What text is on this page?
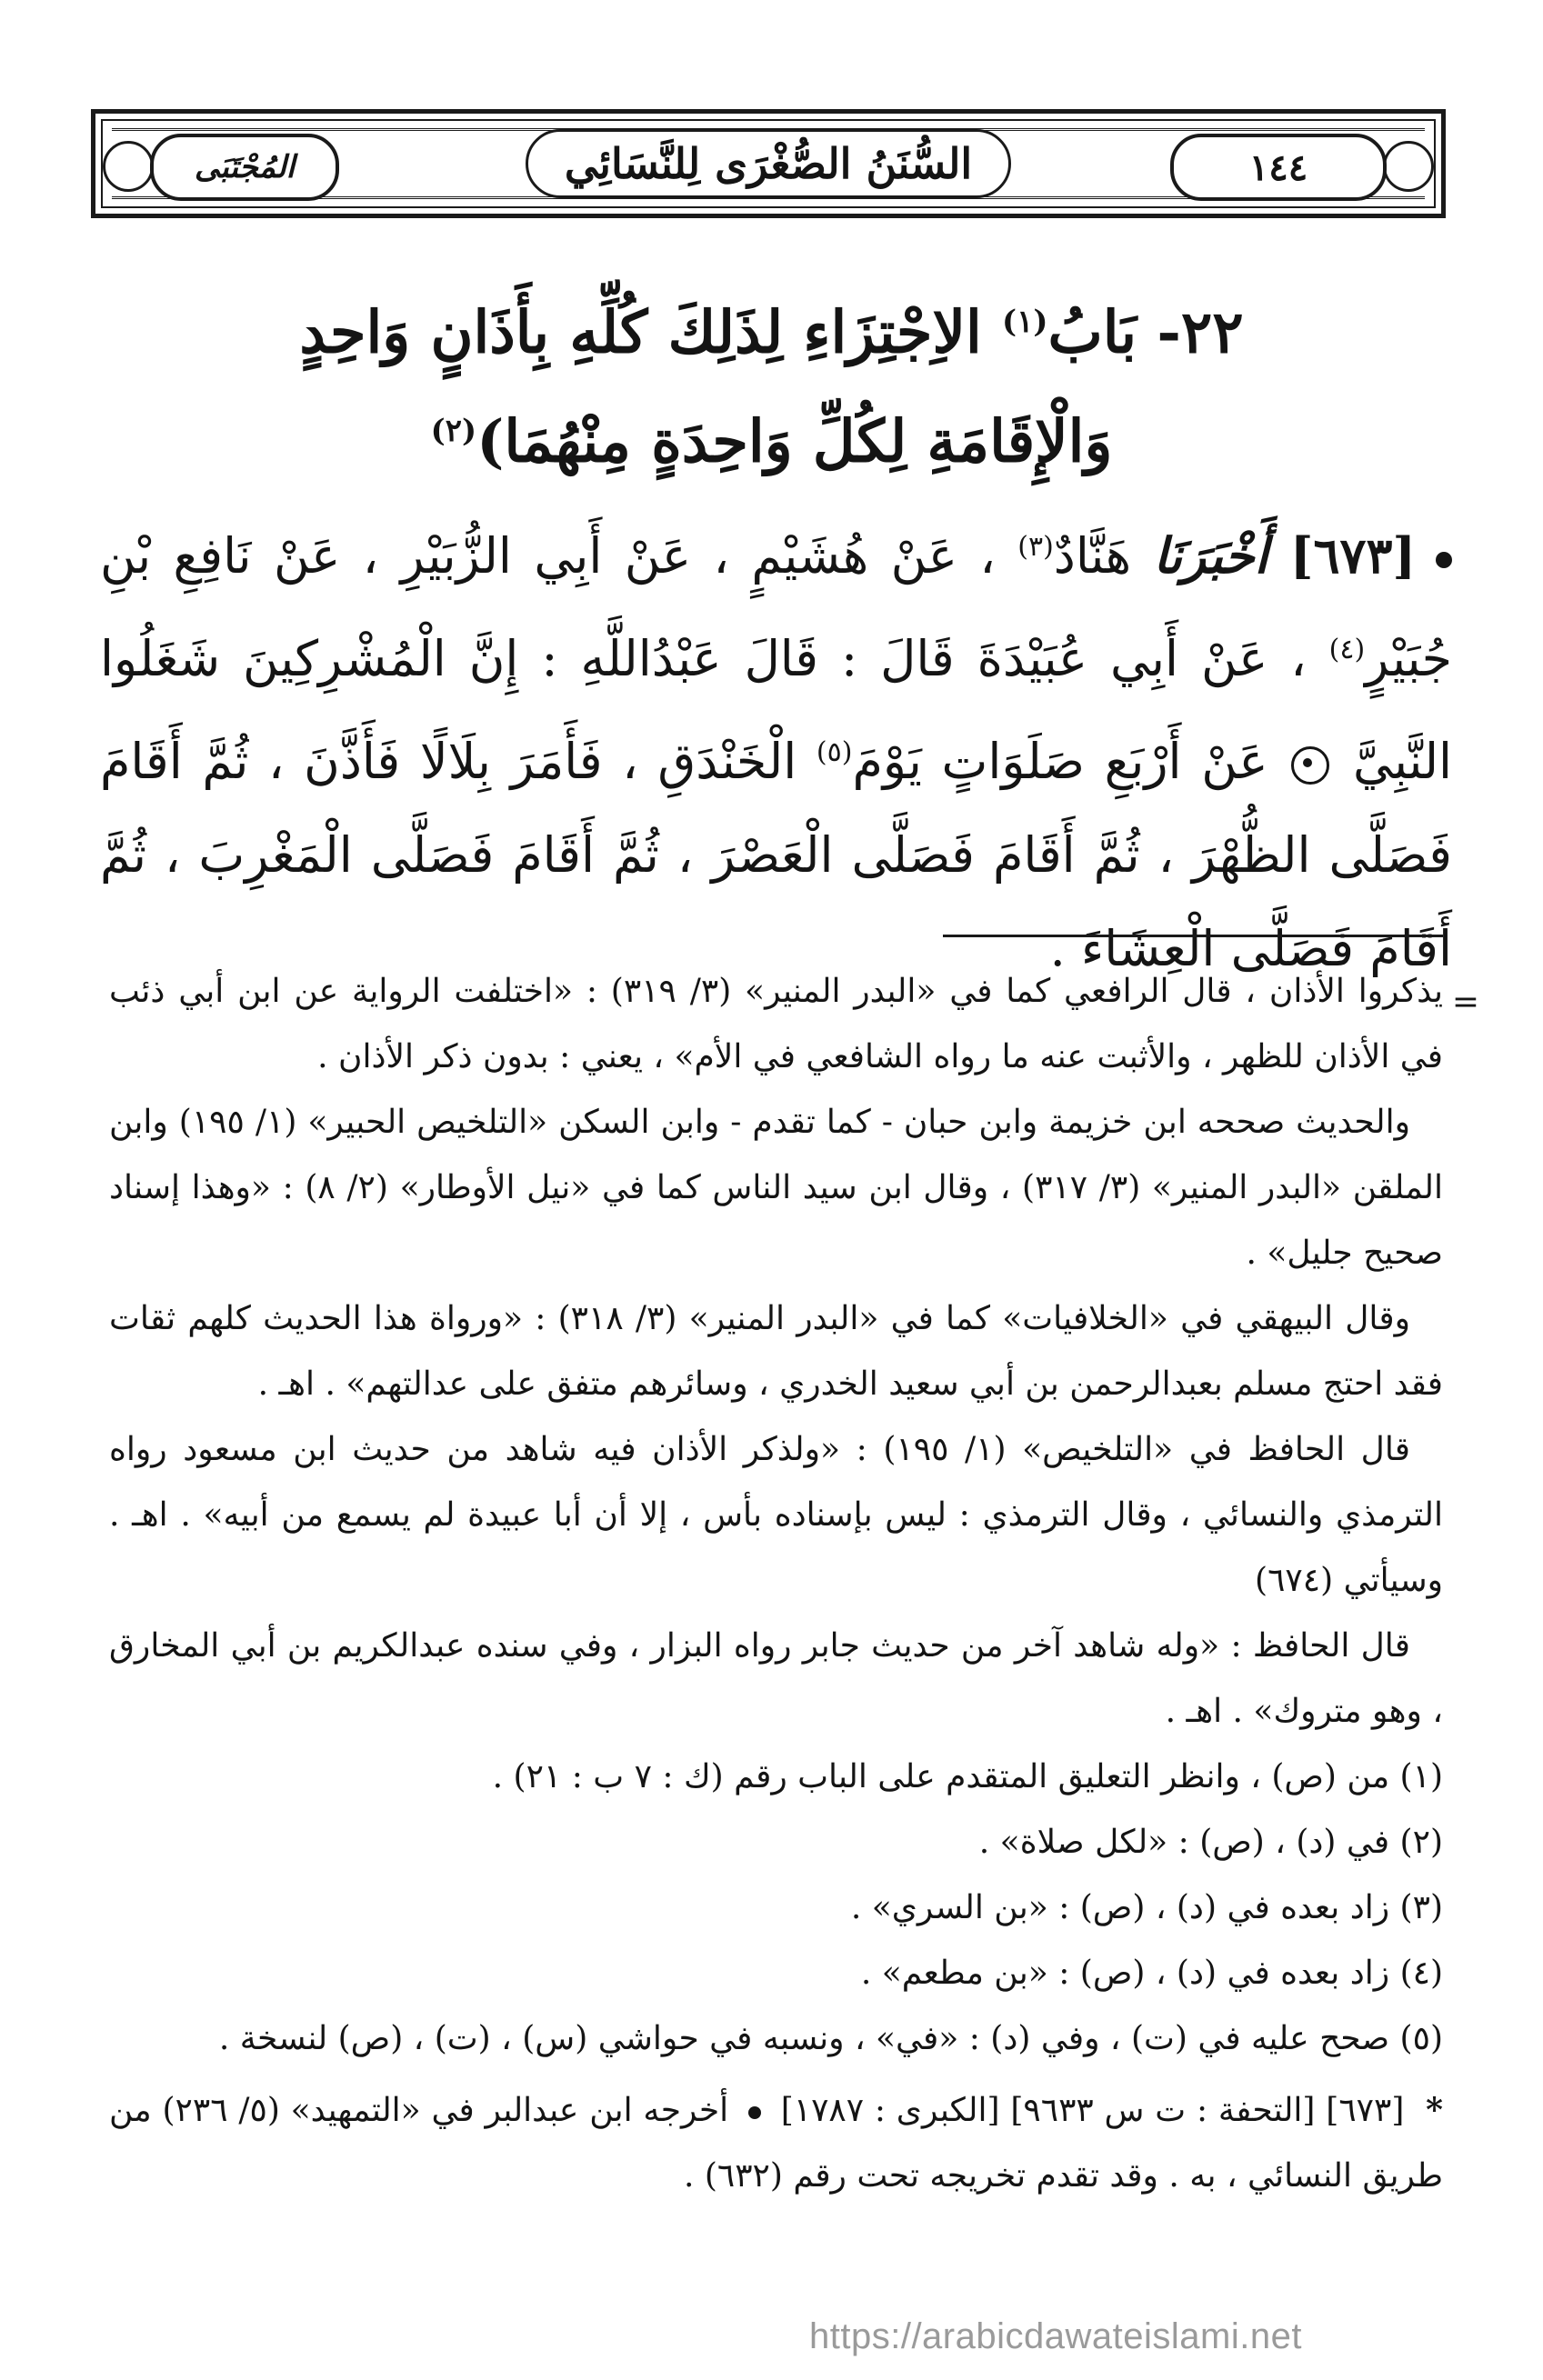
١٤٤
السُّنَنُ الصُّغْرَى لِلنَّسَائِي
المُجْتَبَى
٢٢- بَابُ$^{(١)}$ الاِجْتِزَاءِ لِذَلِكَ كُلِّهِ بِأَذَانٍ وَاحِدٍ
وَالْإِقَامَةِ لِكُلِّ وَاحِدَةٍ مِنْهُمَا)$^{(٢)}$
[٦٧٣] أَخْبَرَنَا هَنَّادٌ$^{(٣)}$ ، عَنْ هُشَيْمٍ ، عَنْ أَبِي الزُّبَيْرِ ، عَنْ نَافِعِ بْنِ جُبَيْرٍ$^{(٤)}$ ، عَنْ أَبِي عُبَيْدَةَ قَالَ : قَالَ عَبْدُاللَّهِ : إِنَّ الْمُشْرِكِينَ شَغَلُوا النَّبِيَّ  عَنْ أَرْبَعِ صَلَوَاتٍ يَوْمَ$^{(٥)}$ الْخَنْدَقِ ، فَأَمَرَ بِلَالًا فَأَذَّنَ ، ثُمَّ أَقَامَ فَصَلَّى الظُّهْرَ ، ثُمَّ أَقَامَ فَصَلَّى الْعَصْرَ ، ثُمَّ أَقَامَ فَصَلَّى الْمَغْرِبَ ، ثُمَّ أَقَامَ فَصَلَّى الْعِشَاءَ .

=
يذكروا الأذان ، قال الرافعي كما في «البدر المنير» (٣/ ٣١٩) : «اختلفت الرواية عن ابن أبي ذئب في الأذان للظهر ، والأثبت عنه ما رواه الشافعي في الأم» ، يعني : بدون ذكر الأذان .

والحديث صححه ابن خزيمة وابن حبان - كما تقدم - وابن السكن «التلخيص الحبير» (١/ ١٩٥) وابن الملقن «البدر المنير» (٣/ ٣١٧) ، وقال ابن سيد الناس كما في «نيل الأوطار» (٢/ ٨) : «وهذا إسناد صحيح جليل» .

وقال البيهقي في «الخلافيات» كما في «البدر المنير» (٣/ ٣١٨) : «ورواة هذا الحديث كلهم ثقات فقد احتج مسلم بعبدالرحمن بن أبي سعيد الخدري ، وسائرهم متفق على عدالتهم» . اهـ .

قال الحافظ في «التلخيص» (١/ ١٩٥) : «ولذكر الأذان فيه شاهد من حديث ابن مسعود رواه الترمذي والنسائي ، وقال الترمذي : ليس بإسناده بأس ، إلا أن أبا عبيدة لم يسمع من أبيه» . اهـ . وسيأتي (٦٧٤)

قال الحافظ : «وله شاهد آخر من حديث جابر رواه البزار ، وفي سنده عبدالكريم بن أبي المخارق ، وهو متروك» . اهـ .

(١) من (ص) ، وانظر التعليق المتقدم على الباب رقم (ك : ٧ ب : ٢١) .

(٢) في (د) ، (ص) : «لكل صلاة» .

(٣) زاد بعده في (د) ، (ص) : «بن السري» .

(٤) زاد بعده في (د) ، (ص) : «بن مطعم» .

(٥) صحح عليه في (ت) ، وفي (د) : «في» ، ونسبه في حواشي (س) ، (ت) ، (ص) لنسخة .

* [٦٧٣] [التحفة : ت س ٩٦٣٣] [الكبرى : ١٧٨٧]  أخرجه ابن عبدالبر في «التمهيد» (٥/ ٢٣٦) من طريق النسائي ، به . وقد تقدم تخريجه تحت رقم (٦٣٢) .

https://arabicdawateislami.net
